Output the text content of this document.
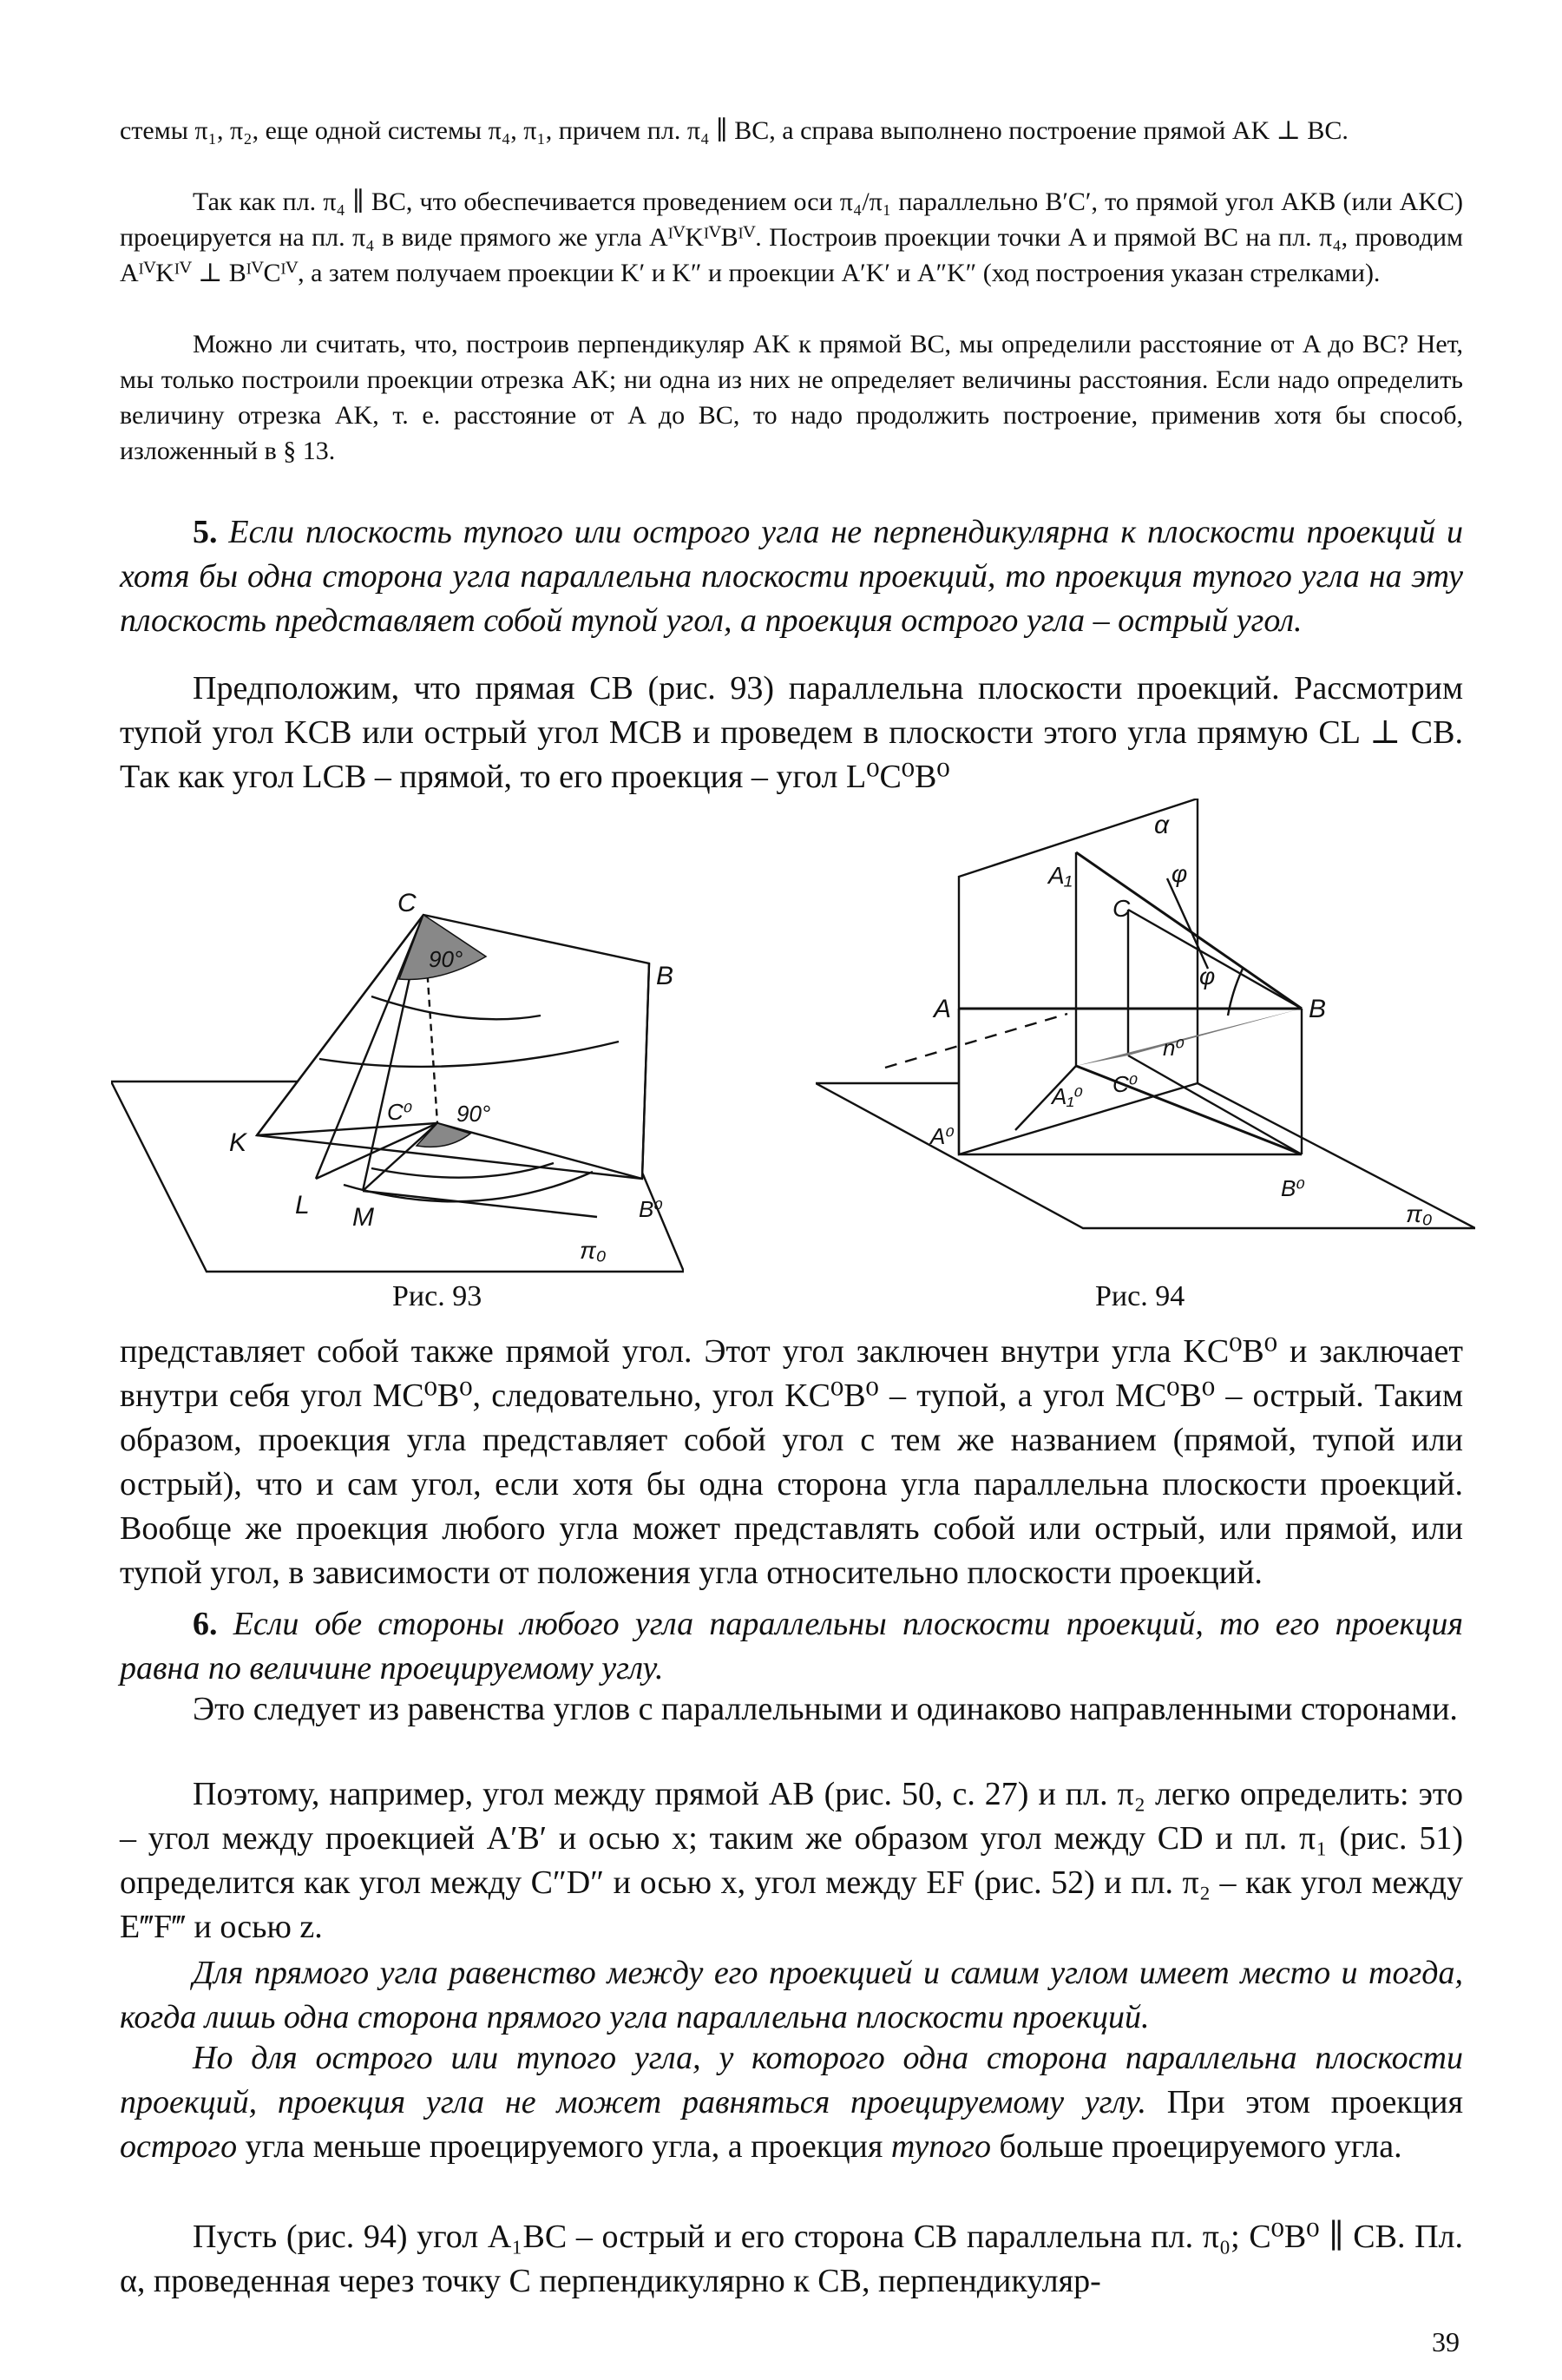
стемы π₁, π₂, еще одной системы π₄, π₁, причем пл. π₄ ∥ BC, а справа выполнено построение прямой AK ⊥ BC.

Так как пл. π₄ ∥ BC, что обеспечивается проведением оси π₄/π₁ параллельно B′C′, то прямой угол AKB (или AKC) проецируется на пл. π₄ в виде прямого же угла AᴵⱽKᴵⱽBᴵⱽ. Построив проекции точки A и прямой BC на пл. π₄, проводим AᴵⱽKᴵⱽ ⊥ BᴵⱽCᴵⱽ, а затем получаем проекции K′ и K″ и проекции A′K′ и A″K″ (ход построения указан стрелками).

Можно ли считать, что, построив перпендикуляр AK к прямой BC, мы определили расстояние от A до BC? Нет, мы только построили проекции отрезка AK; ни одна из них не определяет величины расстояния. Если надо определить величину отрезка AK, т. е. расстояние от A до BC, то надо продолжить построение, применив хотя бы способ, изложенный в § 13.

5. Если плоскость тупого или острого угла не перпендикулярна к плоскости проекций и хотя бы одна сторона угла параллельна плоскости проекций, то проекция тупого угла на эту плоскость представляет собой тупой угол, а проекция острого угла – острый угол.

Предположим, что прямая CB (рис. 93) параллельна плоскости проекций. Рассмотрим тупой угол KCB или острый угол MCB и проведем в плоскости этого угла прямую CL ⊥ CB. Так как угол LCB – прямой, то его проекция – угол L⁰C⁰B⁰

C
B
K
L M
C⁰
B⁰
π₀
90°
90°
Рис. 93
α
A₁
C
φ
φ
A	B
n⁰
C⁰
A₁⁰
A⁰
B⁰
π₀
Рис. 94

представляет собой также прямой угол. Этот угол заключен внутри угла KC⁰B⁰ и заключает внутри себя угол MC⁰B⁰, следовательно, угол KC⁰B⁰ – тупой, а угол MC⁰B⁰ – острый. Таким образом, проекция угла представляет собой угол с тем же названием (прямой, тупой или острый), что и сам угол, если хотя бы одна сторона угла параллельна плоскости проекций. Вообще же проекция любого угла может представлять собой или острый, или прямой, или тупой угол, в зависимости от положения угла относительно плоскости проекций.

6. Если обе стороны любого угла параллельны плоскости проекций, то его проекция равна по величине проецируемому углу.

Это следует из равенства углов с параллельными и одинаково направленными сторонами.

Поэтому, например, угол между прямой AB (рис. 50, с. 27) и пл. π₂ легко определить: это – угол между проекцией A′B′ и осью x; таким же образом угол между CD и пл. π₁ (рис. 51) определится как угол между C″D″ и осью x, угол между EF (рис. 52) и пл. π₂ – как угол между E‴F‴ и осью z.

Для прямого угла равенство между его проекцией и самим углом имеет место и тогда, когда лишь одна сторона прямого угла параллельна плоскости проекций.

Но для острого или тупого угла, у которого одна сторона параллельна плоскости проекций, проекция угла не может равняться проецируемому углу. При этом проекция острого угла меньше проецируемого угла, а проекция тупого больше проецируемого угла.

Пусть (рис. 94) угол A₁BC – острый и его сторона CB параллельна пл. π₀; C⁰B⁰ ∥ CB. Пл. α, проведенная через точку C перпендикулярно к CB, перпендикуляр-

39
